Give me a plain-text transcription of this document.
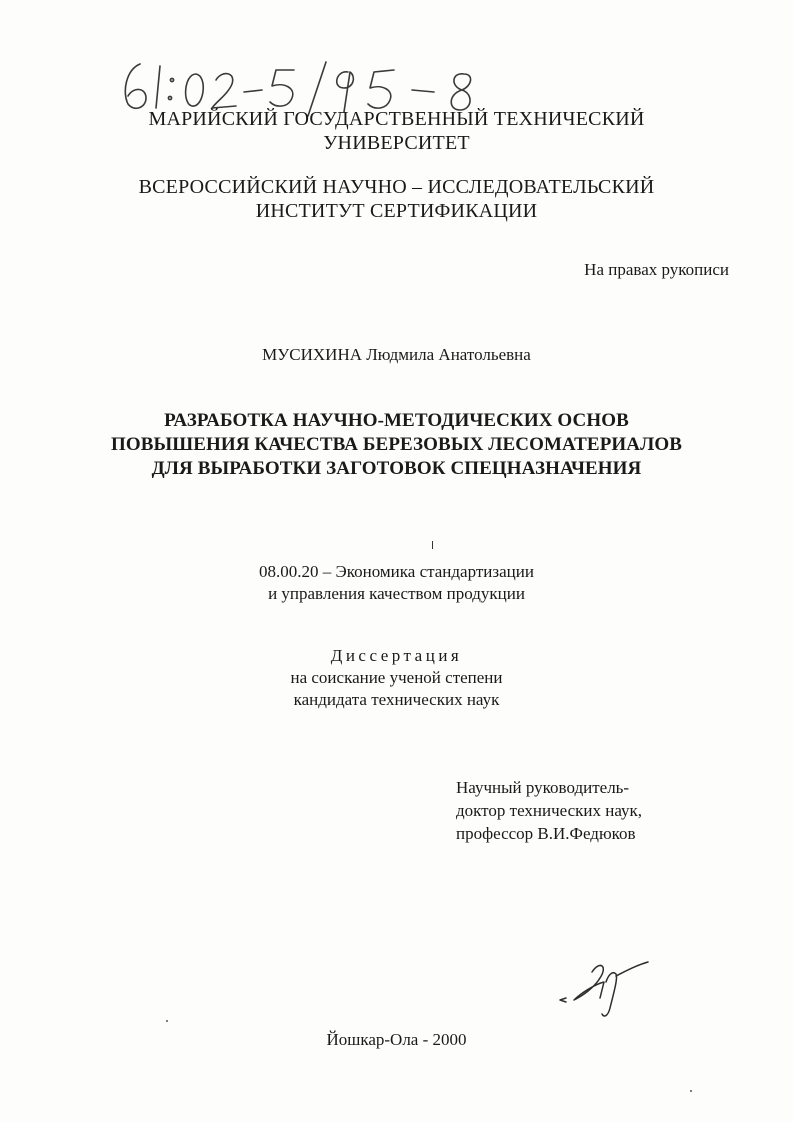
МАРИЙСКИЙ ГОСУДАРСТВЕННЫЙ ТЕХНИЧЕСКИЙ
УНИВЕРСИТЕТ
ВСЕРОССИЙСКИЙ НАУЧНО – ИССЛЕДОВАТЕЛЬСКИЙ
ИНСТИТУТ СЕРТИФИКАЦИИ
На правах рукописи
МУСИХИНА Людмила Анатольевна
РАЗРАБОТКА НАУЧНО-МЕТОДИЧЕСКИХ ОСНОВ
ПОВЫШЕНИЯ КАЧЕСТВА БЕРЕЗОВЫХ ЛЕСОМАТЕРИАЛОВ
ДЛЯ ВЫРАБОТКИ ЗАГОТОВОК СПЕЦНАЗНАЧЕНИЯ
08.00.20 – Экономика стандартизации
и управления качеством продукции
Диссертация
на соискание ученой степени
кандидата технических наук
Научный руководитель-
доктор технических наук,
профессор В.И.Федюков
Йошкар-Ола - 2000
